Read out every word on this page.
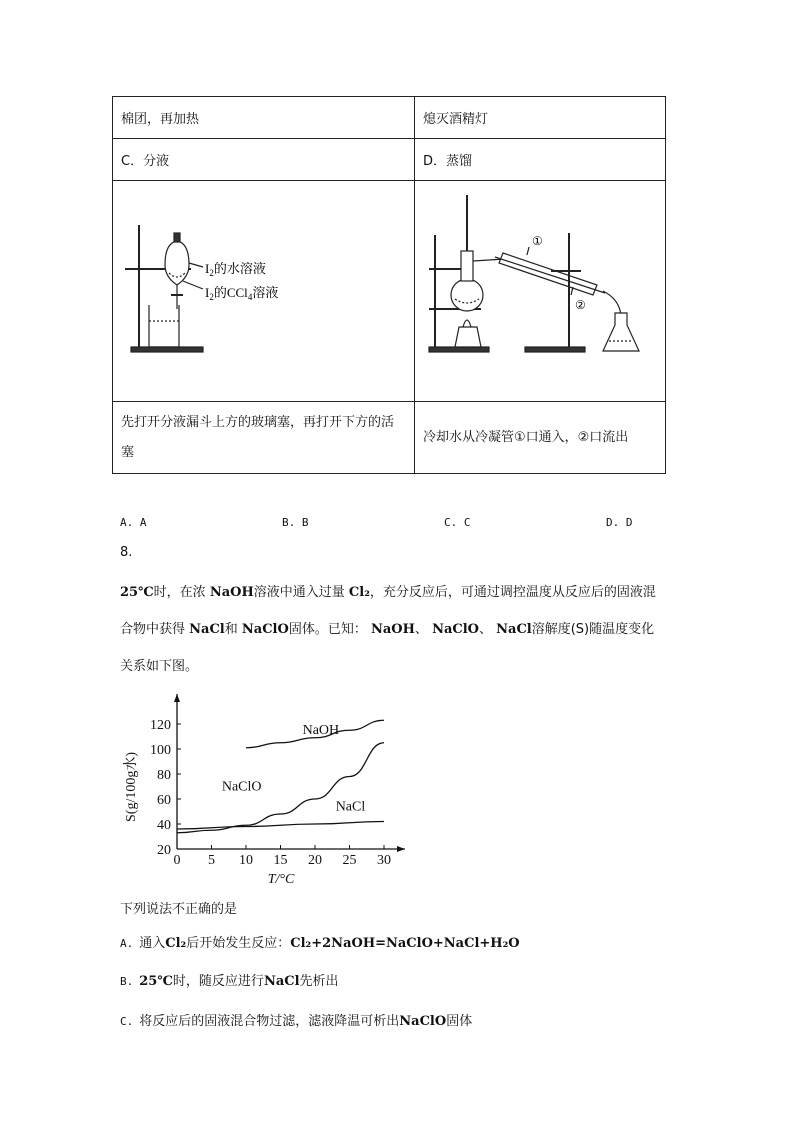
棉团，再加热	熄灭酒精灯
C．分液	D．蒸馏

$I_2$的水溶液
$I_2$的CCl$_4$溶液	①
②

先打开分液漏斗上方的玻璃塞，再打开下方的活塞	冷却水从冷凝管①口通入，②口流出
A. A	B. B	C. C	D. D
8.
25℃时，在浓 NaOH溶液中通入过量 Cl₂，充分反应后，可通过调控温度从反应后的固液混合物中获得 NaCl和 NaClO固体。已知： NaOH、 NaClO、 NaCl溶解度(S)随温度变化关系如下图。
0 5 10 15 20 25 30
20
40
60
80
100
120
T/°C
S(g/100g水)
NaOH
NaClO
NaCl
下列说法不正确的是
A. 通入Cl₂后开始发生反应：Cl₂+2NaOH=NaClO+NaCl+H₂O
B. 25℃时，随反应进行NaCl先析出
C. 将反应后的固液混合物过滤，滤液降温可析出NaClO固体
